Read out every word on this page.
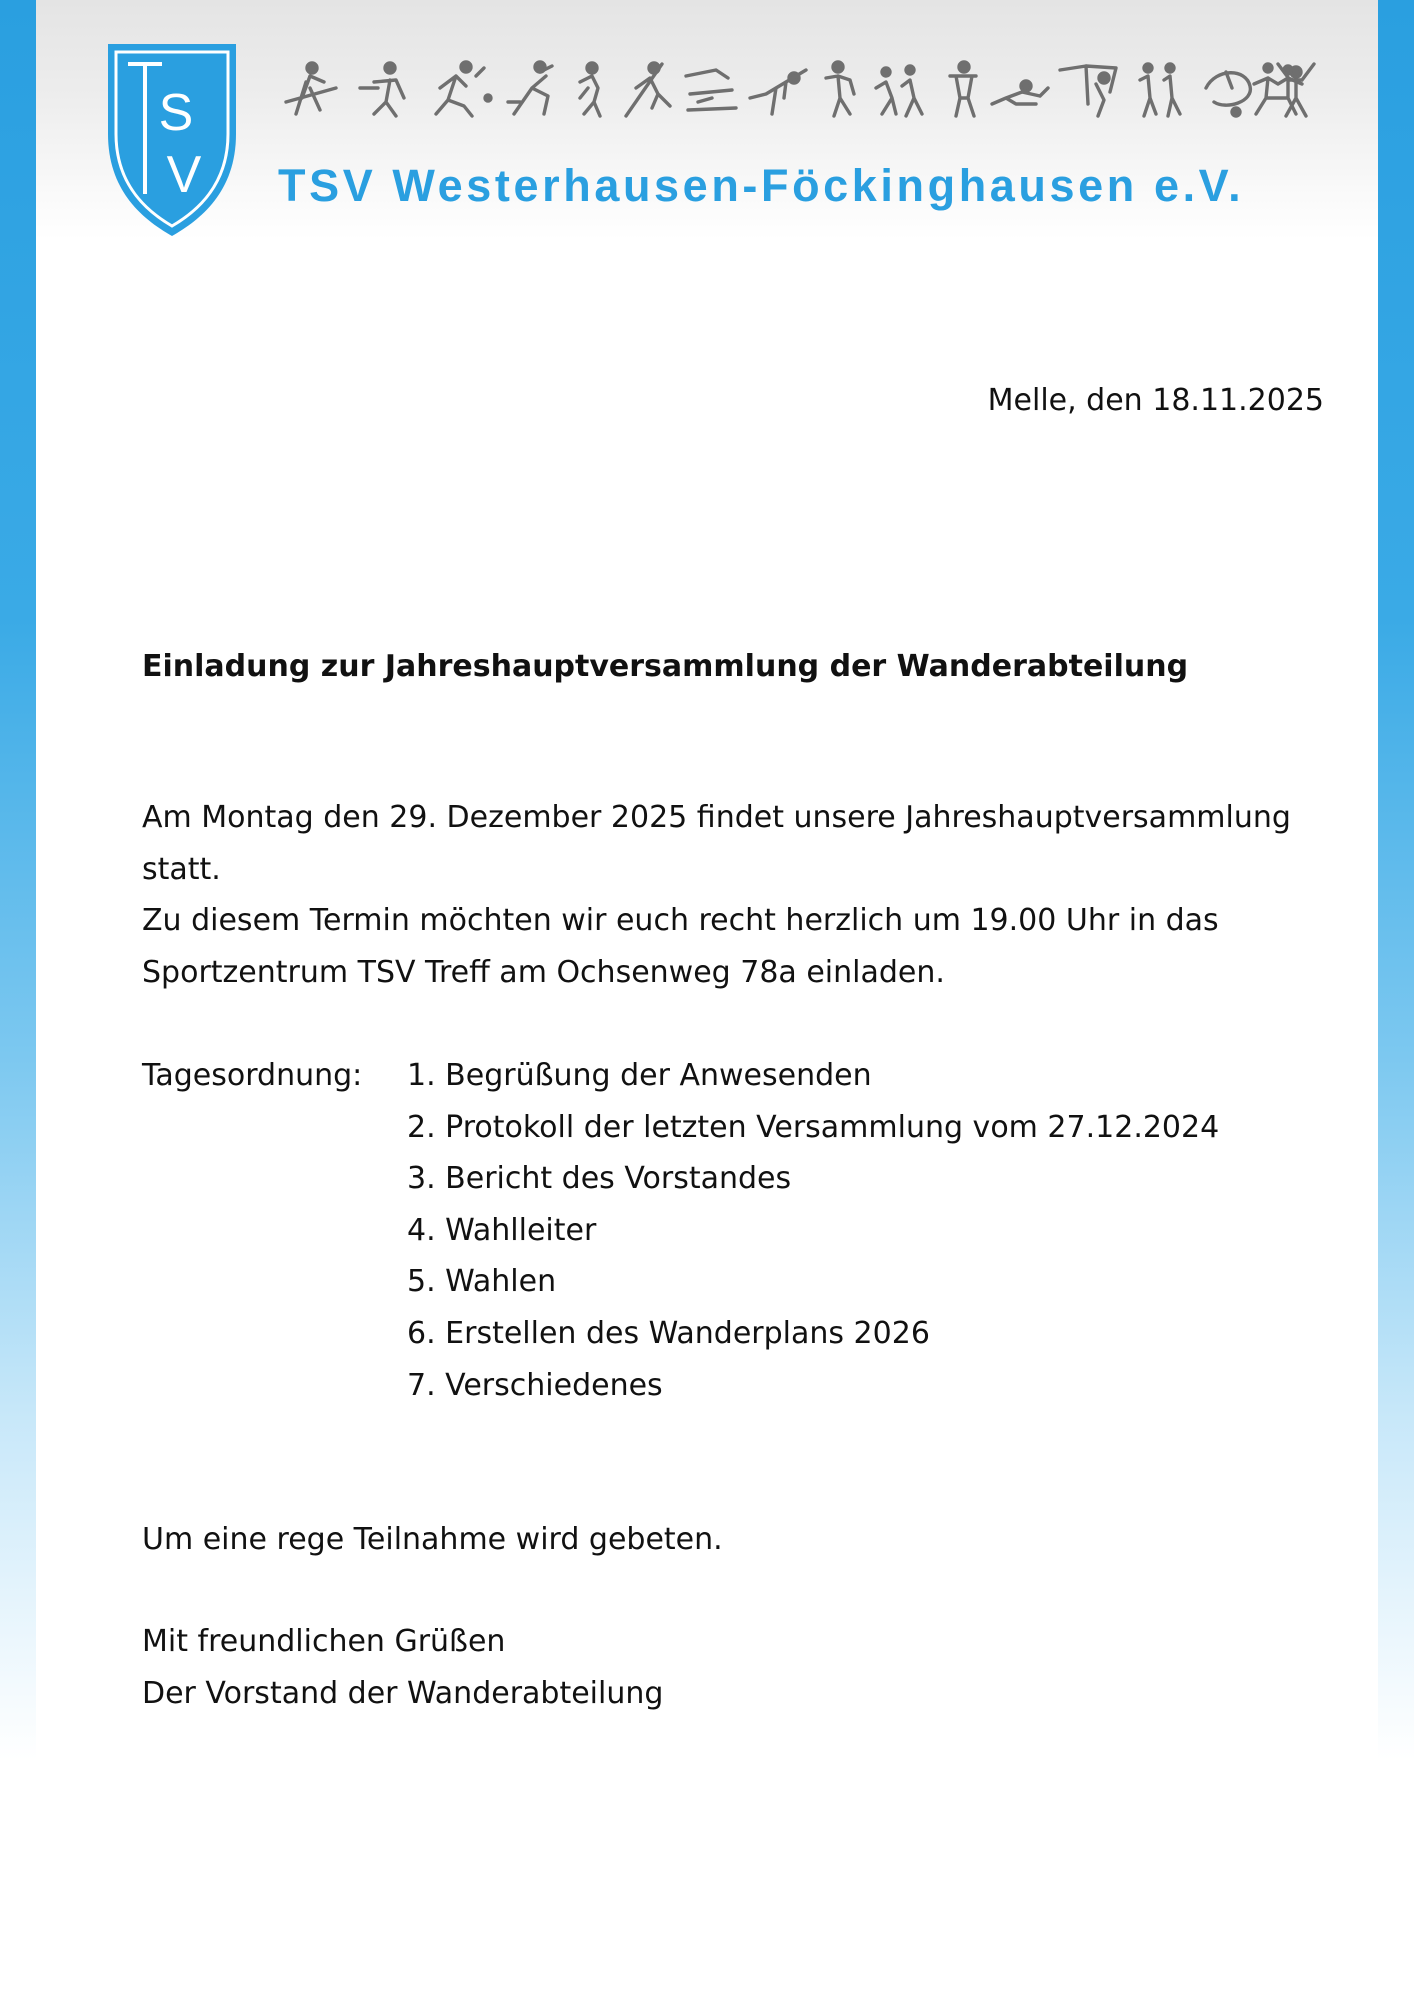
S
V TSV Westerhausen-Föckinghausen e.V.

Melle, den 18.11.2025

Einladung zur Jahreshauptversammlung der Wanderabteilung

Am Montag den 29. Dezember 2025 findet unsere Jahreshauptversammlung

statt.

Zu diesem Termin möchten wir euch recht herzlich um 19.00 Uhr in das

Sportzentrum TSV Treff am Ochsenweg 78a einladen.

Tagesordnung: 1. Begrüßung der Anwesenden
2. Protokoll der letzten Versammlung vom 27.12.2024
3. Bericht des Vorstandes
4. Wahlleiter
5. Wahlen
6. Erstellen des Wanderplans 2026
7. Verschiedenes

Um eine rege Teilnahme wird gebeten.

Mit freundlichen Grüßen

Der Vorstand der Wanderabteilung
